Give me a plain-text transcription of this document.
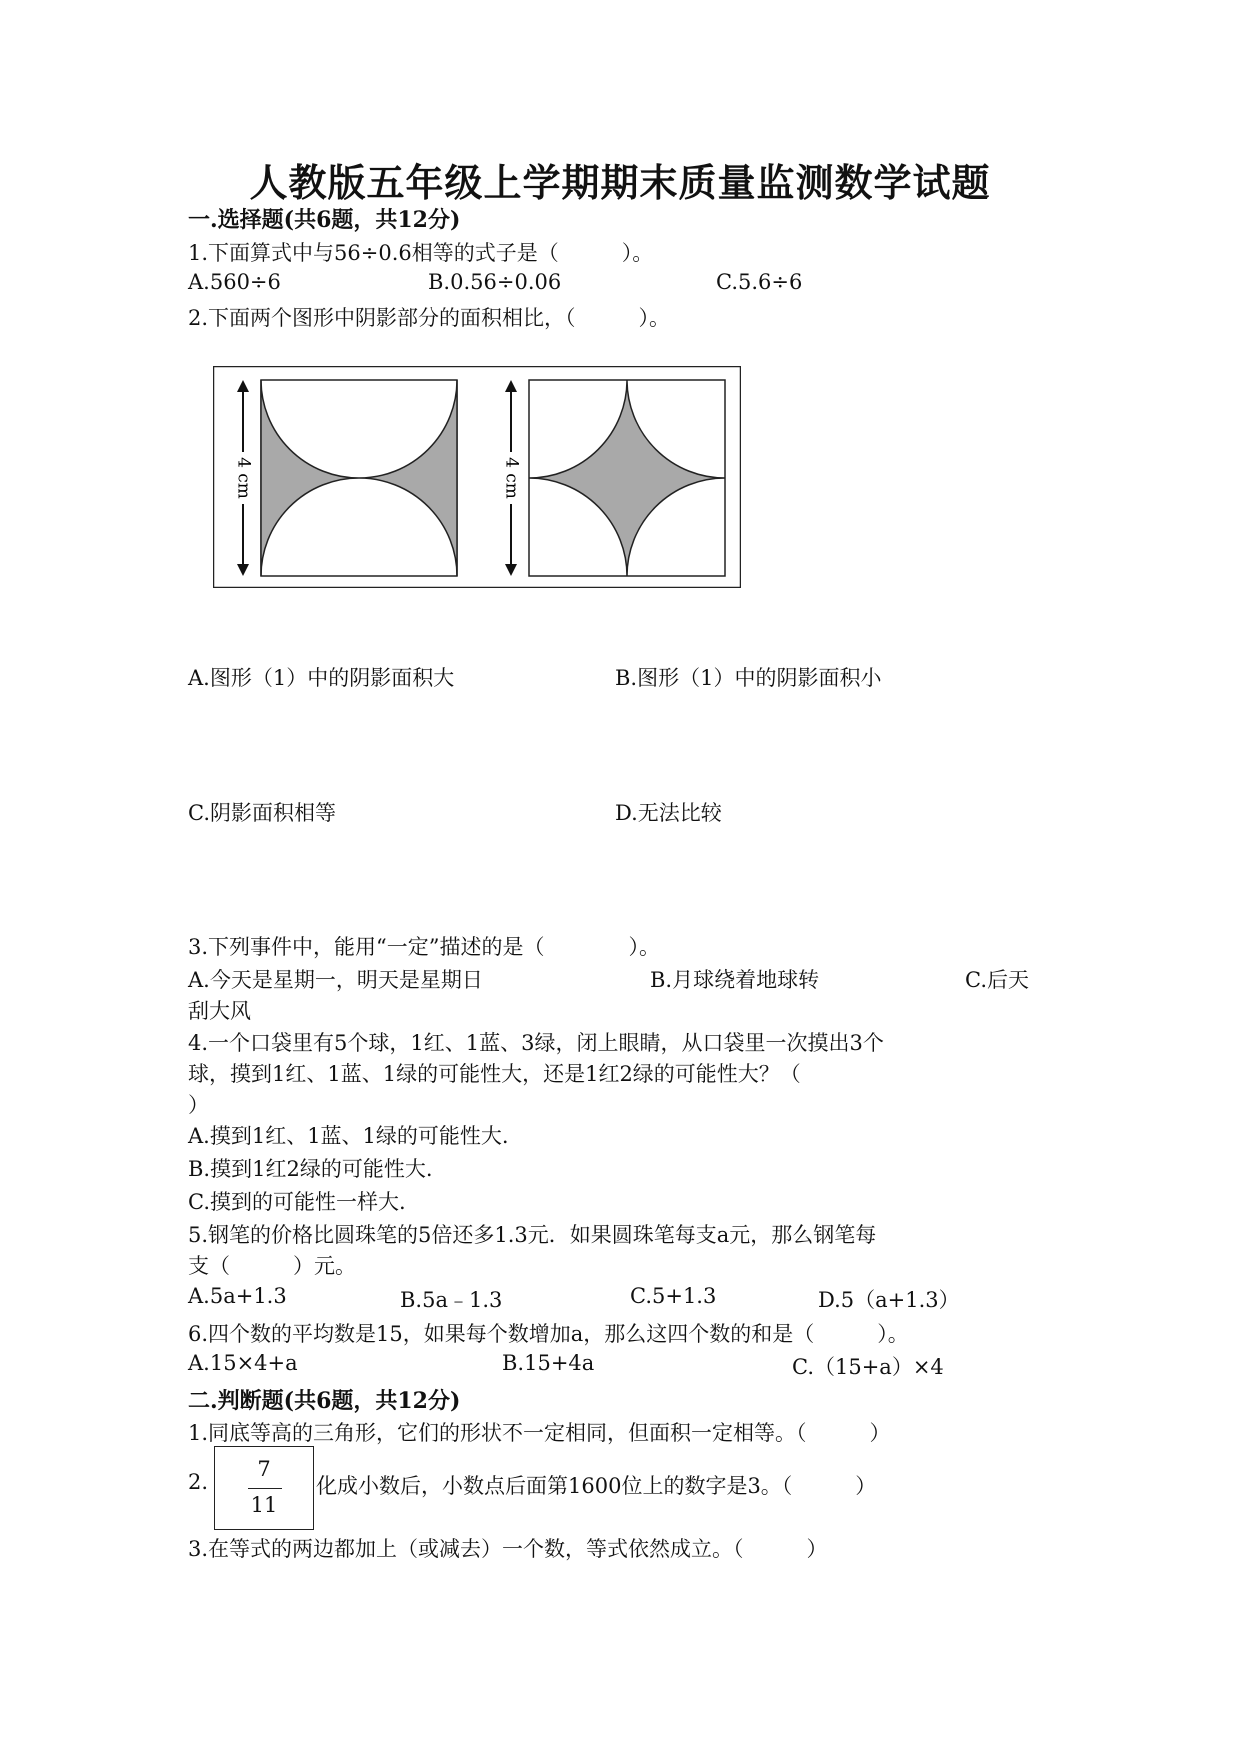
人教版五年级上学期期末质量监测数学试题
一.选择题(共6题，共12分)
1.下面算式中与56÷0.6相等的式子是（　　　）。
A.560÷6	B.0.56÷0.06	C.5.6÷6
2.下面两个图形中阴影部分的面积相比，（　　　）。
4 cm	4 cm
A.图形（1）中的阴影面积大	B.图形（1）中的阴影面积小
C.阴影面积相等	D.无法比较
3.下列事件中，能用“一定”描述的是（　　　　）。
A.今天是星期一，明天是星期日	B.月球绕着地球转	C.后天
刮大风
4.一个口袋里有5个球，1红、1蓝、3绿，闭上眼睛，从口袋里一次摸出3个
球，摸到1红、1蓝、1绿的可能性大，还是1红2绿的可能性大？（
）
A.摸到1红、1蓝、1绿的可能性大.
B.摸到1红2绿的可能性大.
C.摸到的可能性一样大.
5.钢笔的价格比圆珠笔的5倍还多1.3元．如果圆珠笔每支a元，那么钢笔每
支（　　　）元。
A.5a+1.3	B.5a﹣1.3	C.5+1.3	D.5（a+1.3）
6.四个数的平均数是15，如果每个数增加a，那么这四个数的和是（　　　）。
A.15×4+a	B.15+4a	C.（15+a）×4
二.判断题(共6题，共12分)
1.同底等高的三角形，它们的形状不一定相同，但面积一定相等。（　　　）
2.
7
11
化成小数后，小数点后面第1600位上的数字是3。（　　　）
3.在等式的两边都加上（或减去）一个数，等式依然成立。（　　　）
